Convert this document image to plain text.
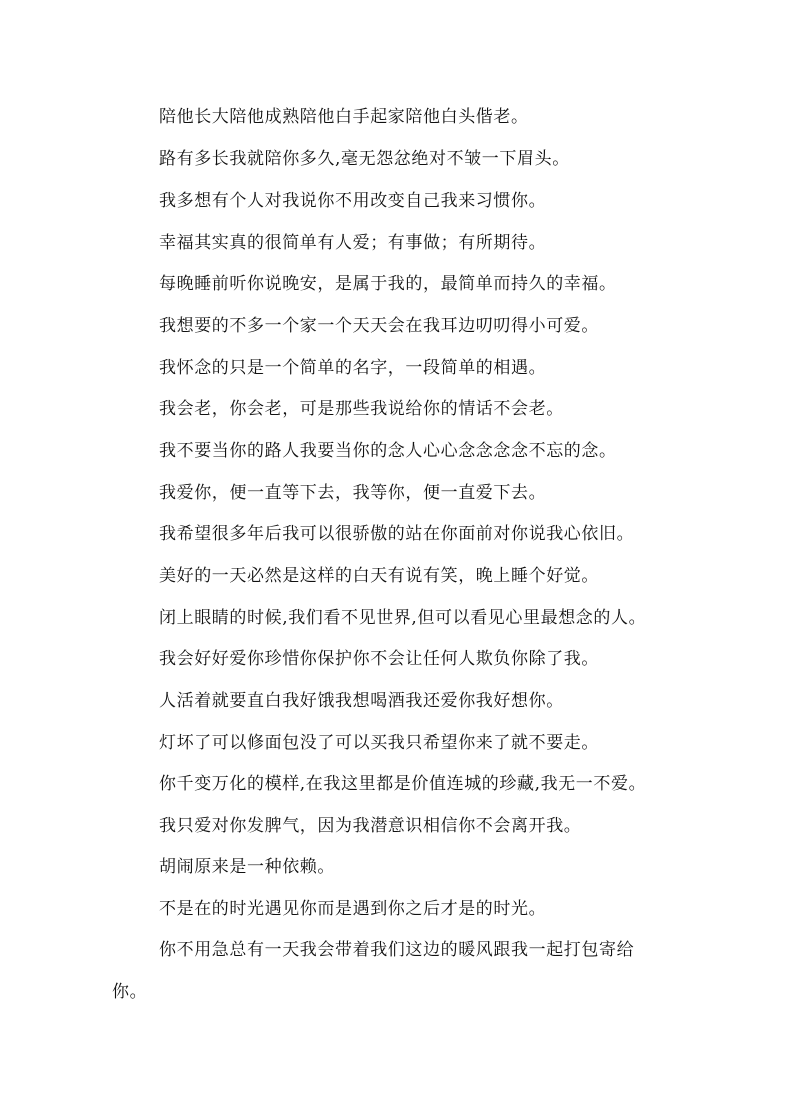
陪他长大陪他成熟陪他白手起家陪他白头偕老。
路有多长我就陪你多久,毫无怨忿绝对不皱一下眉头。
我多想有个人对我说你不用改变自己我来习惯你。
幸福其实真的很简单有人爱；有事做；有所期待。
每晚睡前听你说晚安，是属于我的，最简单而持久的幸福。
我想要的不多一个家一个天天会在我耳边叨叨得小可爱。
我怀念的只是一个简单的名字，一段简单的相遇。
我会老，你会老，可是那些我说给你的情话不会老。
我不要当你的路人我要当你的念人心心念念念念不忘的念。
我爱你，便一直等下去，我等你，便一直爱下去。
我希望很多年后我可以很骄傲的站在你面前对你说我心依旧。
美好的一天必然是这样的白天有说有笑，晚上睡个好觉。
闭上眼睛的时候,我们看不见世界,但可以看见心里最想念的人。
我会好好爱你珍惜你保护你不会让任何人欺负你除了我。
人活着就要直白我好饿我想喝酒我还爱你我好想你。
灯坏了可以修面包没了可以买我只希望你来了就不要走。
你千变万化的模样,在我这里都是价值连城的珍藏,我无一不爱。
我只爱对你发脾气，因为我潜意识相信你不会离开我。
胡闹原来是一种依赖。
不是在的时光遇见你而是遇到你之后才是的时光。
你不用急总有一天我会带着我们这边的暖风跟我一起打包寄给
你。
